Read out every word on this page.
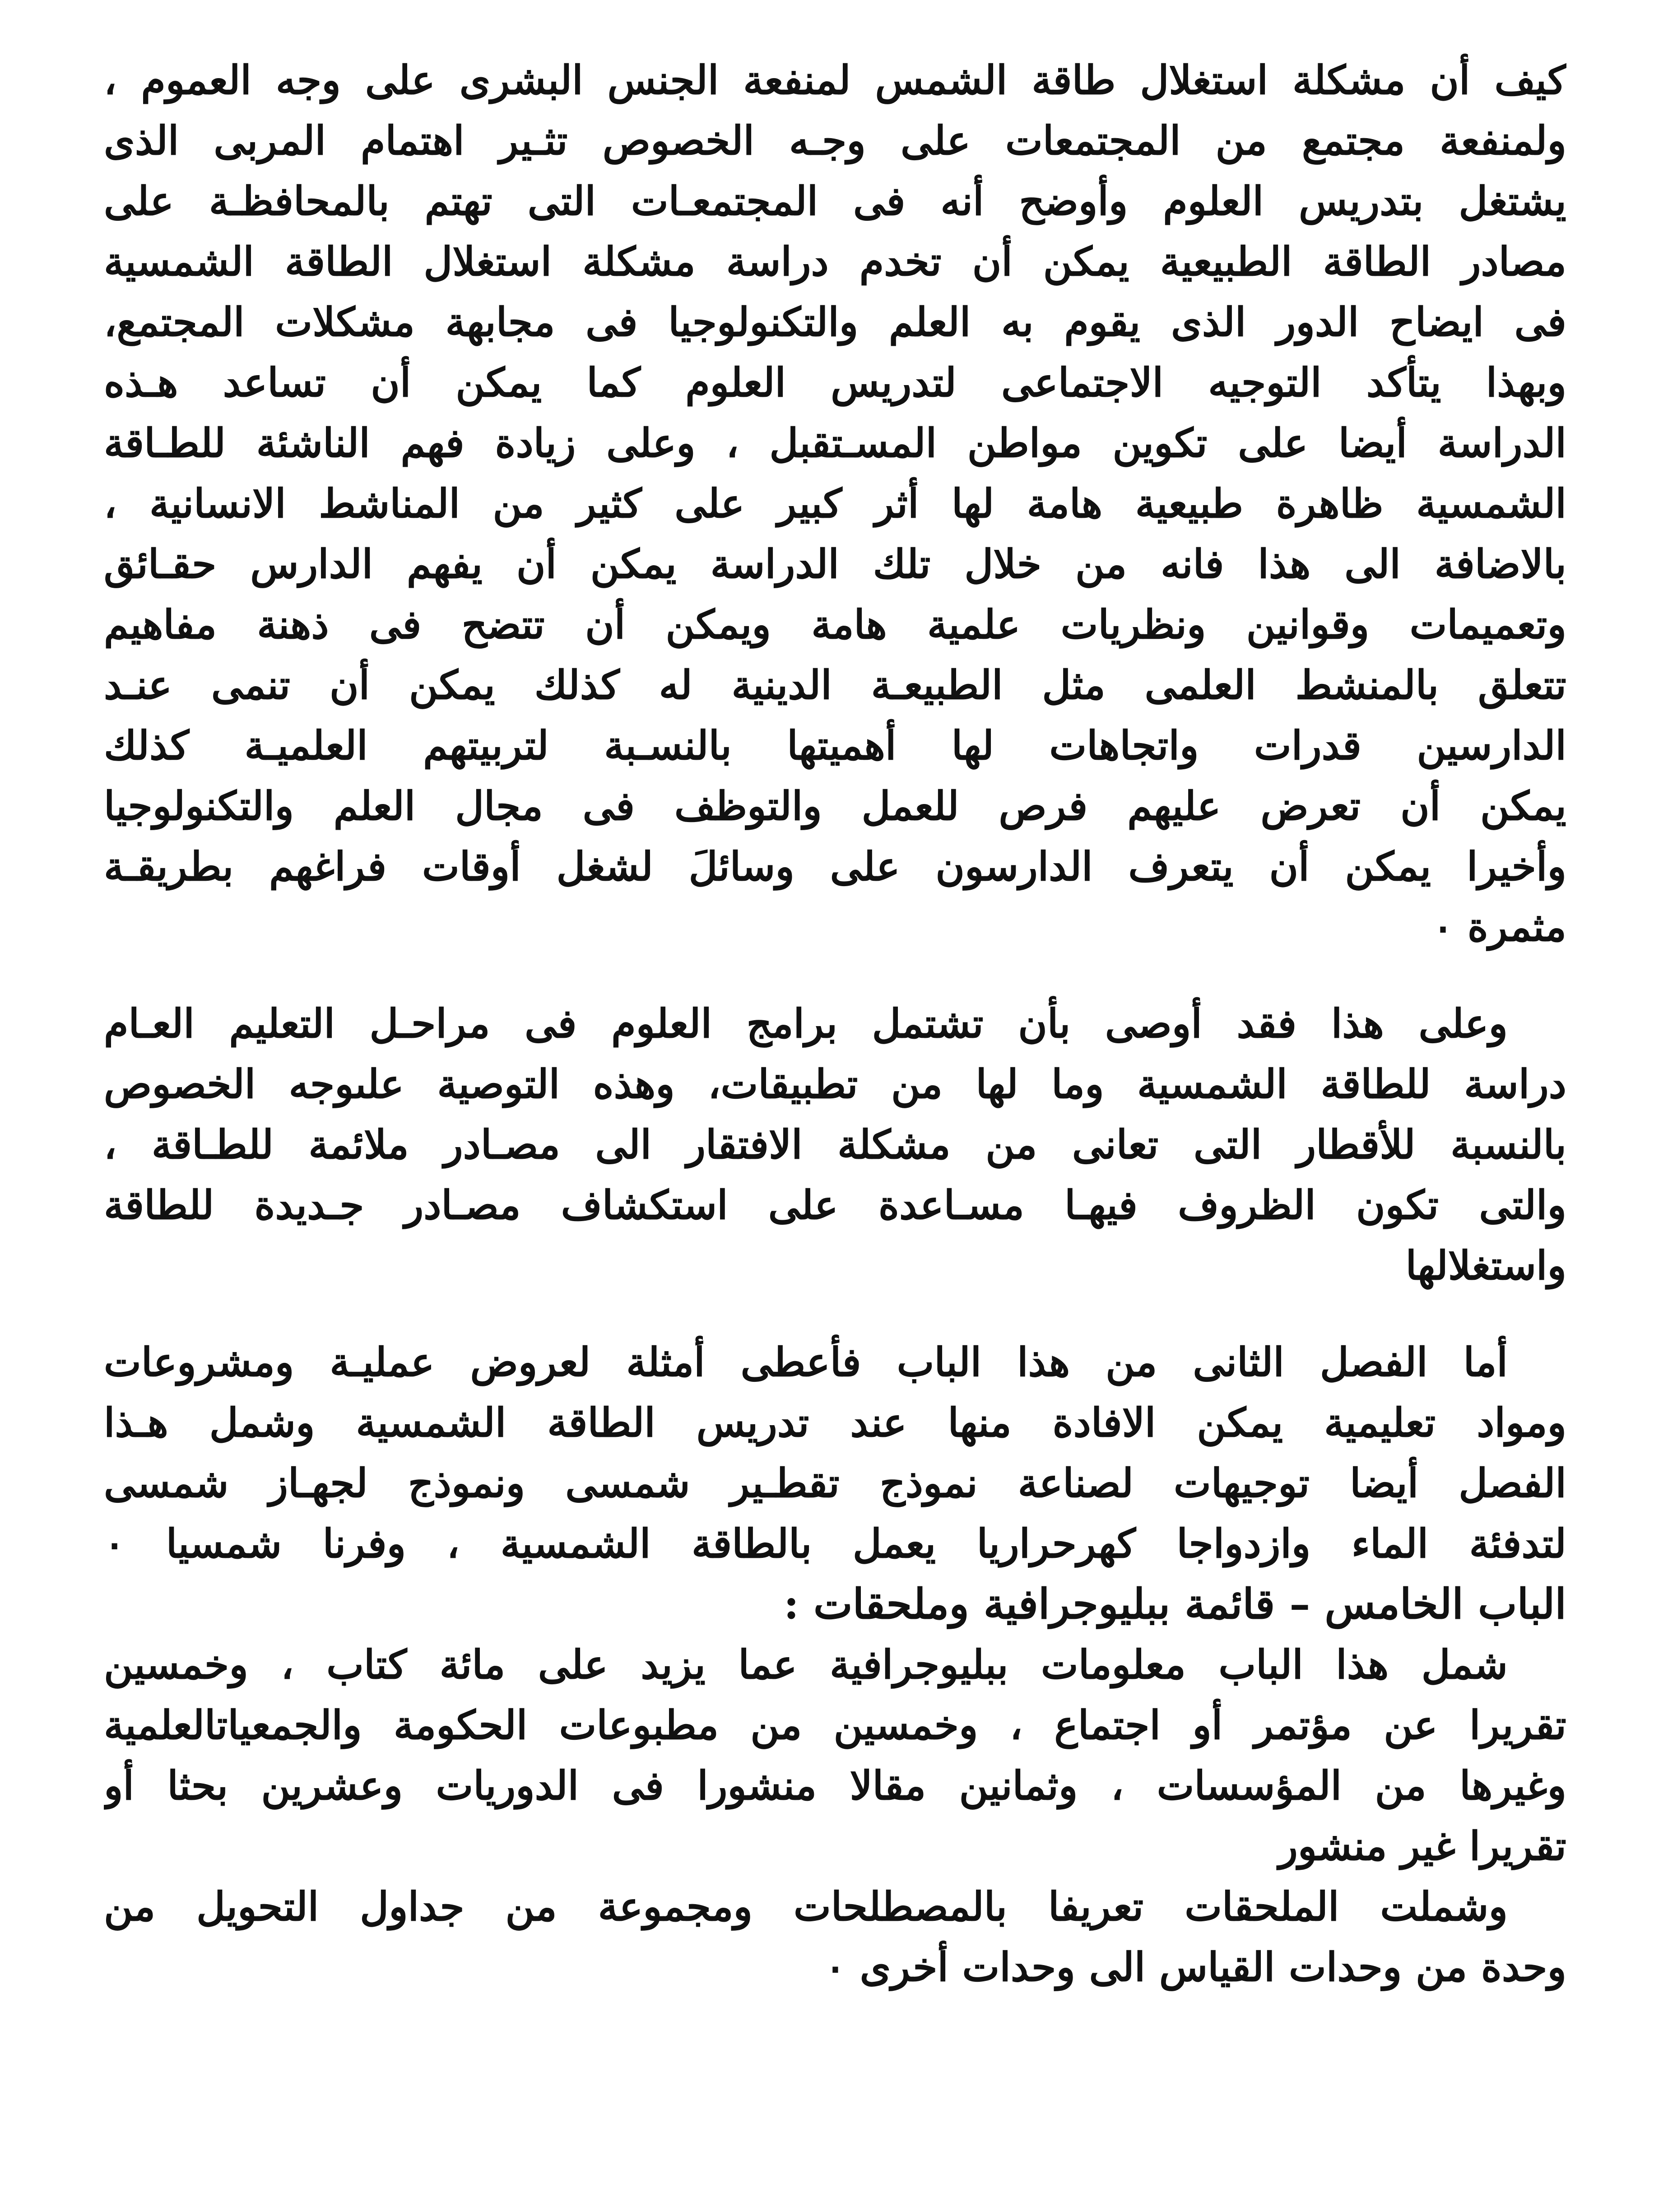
كيف أن مشكلة استغلال طاقة الشمس لمنفعة الجنس البشرى على وجه العموم ،
ولمنفعة مجتمع من المجتمعات على وجـه الخصوص تثـير اهتمام المربى الذى
يشتغل بتدريس العلوم وأوضح أنه فى المجتمعـات التى تهتم بالمحافظـة على
مصادر الطاقة الطبيعية يمكن أن تخدم دراسة مشكلة استغلال الطاقة الشمسية
فى ايضاح الدور الذى يقوم به العلم والتكنولوجيا فى مجابهة مشكلات المجتمع،
وبهذا يتأكد التوجيه الاجتماعى لتدريس العلوم كما يمكن أن تساعد هـذه
الدراسة أيضا على تكوين مواطن المسـتقبل ، وعلى زيادة فهم الناشئة للطـاقة
الشمسية ظاهرة طبيعية هامة لها أثر كبير على كثير من المناشط الانسانية ،
بالاضافة الى هذا فانه من خلال تلك الدراسة يمكن أن يفهم الدارس حقـائق
وتعميمات وقوانين ونظريات علمية هامة ويمكن أن تتضح فى ذهنة مفاهيم
تتعلق بالمنشط العلمى مثل الطبيعـة الدينية له كذلك يمكن أن تنمى عنـد
الدارسين قدرات واتجاهات لها أهميتها بالنسـبة لتربيتهم العلميـة كذلك
يمكن أن تعرض عليهم فرص للعمل والتوظف فى مجال العلم والتكنولوجيا
وأخيرا يمكن أن يتعرف الدارسون على وسائلَ لشغل أوقات فراغهم بطريقـة
مثمرة ٠
وعلى هذا فقد أوصى بأن تشتمل برامج العلوم فى مراحـل التعليم العـام
دراسة للطاقة الشمسية وما لها من تطبيقات، وهذه التوصية علىوجه الخصوص
بالنسبة للأقطار التى تعانى من مشكلة الافتقار الى مصـادر ملائمة للطـاقة ،
والتى تكون الظروف فيهـا مسـاعدة على استكشاف مصـادر جـديدة للطاقة
واستغلالها
أما الفصل الثانى من هذا الباب فأعطى أمثلة لعروض عمليـة ومشروعات
ومواد تعليمية يمكن الافادة منها عند تدريس الطاقة الشمسية وشمل هـذا
الفصل أيضا توجيهات لصناعة نموذج تقطـير شمسى ونموذج لجهـاز شمسى
لتدفئة الماء وازدواجا كهرحراريا يعمل بالطاقة الشمسية ، وفرنا شمسيا ٠
الباب الخامس – قائمة ببليوجرافية وملحقات :
شمل هذا الباب معلومات ببليوجرافية عما يزيد على مائة كتاب ، وخمسين
تقريرا عن مؤتمر أو اجتماع ، وخمسين من مطبوعات الحكومة والجمعياتالعلمية
وغيرها من المؤسسات ، وثمانين مقالا منشورا فى الدوريات وعشرين بحثا أو
تقريرا غير منشور
وشملت الملحقات تعريفا بالمصطلحات ومجموعة من جداول التحويل من
وحدة من وحدات القياس الى وحدات أخرى ٠
